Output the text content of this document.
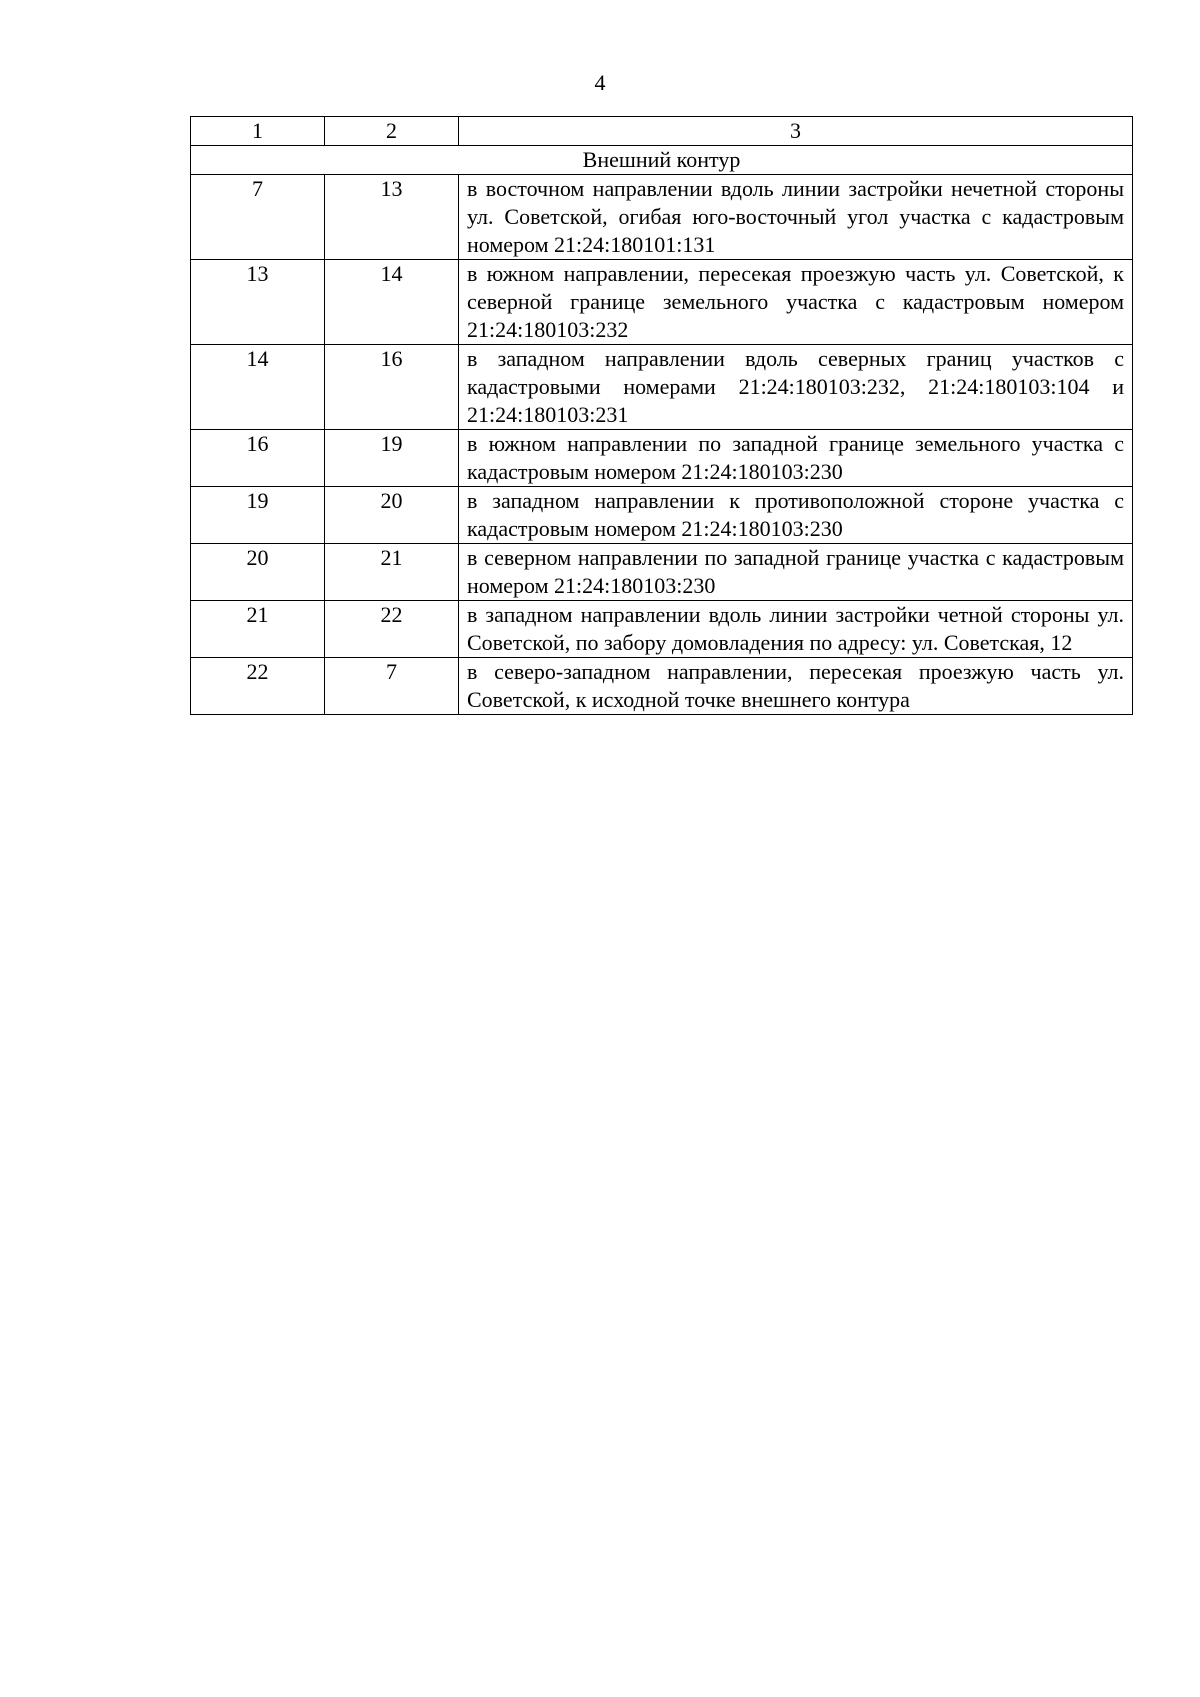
4
1	2	3
Внешний контур		
7	13	в восточном направлении вдоль линии застройки нечетной стороны ул. Советской, огибая юго-восточный угол участка с кадастровым номером 21:24:180101:131
13	14	в южном направлении, пересекая проезжую часть ул. Советской, к северной границе земельного участка с кадастровым номером 21:24:180103:232
14	16	в западном направлении вдоль северных границ участков с кадастровыми номерами 21:24:180103:232, 21:24:180103:104 и 21:24:180103:231
16	19	в южном направлении по западной границе земельного участка с кадастровым номером 21:24:180103:230
19	20	в западном направлении к противоположной стороне участка с кадастровым номером 21:24:180103:230
20	21	в северном направлении по западной границе участка с кадастровым номером 21:24:180103:230
21	22	в западном направлении вдоль линии застройки четной стороны ул. Советской, по забору домовладения по адресу: ул. Советская, 12
22	7	в северо-западном направлении, пересекая проезжую часть ул. Советской, к исходной точке внешнего контура
